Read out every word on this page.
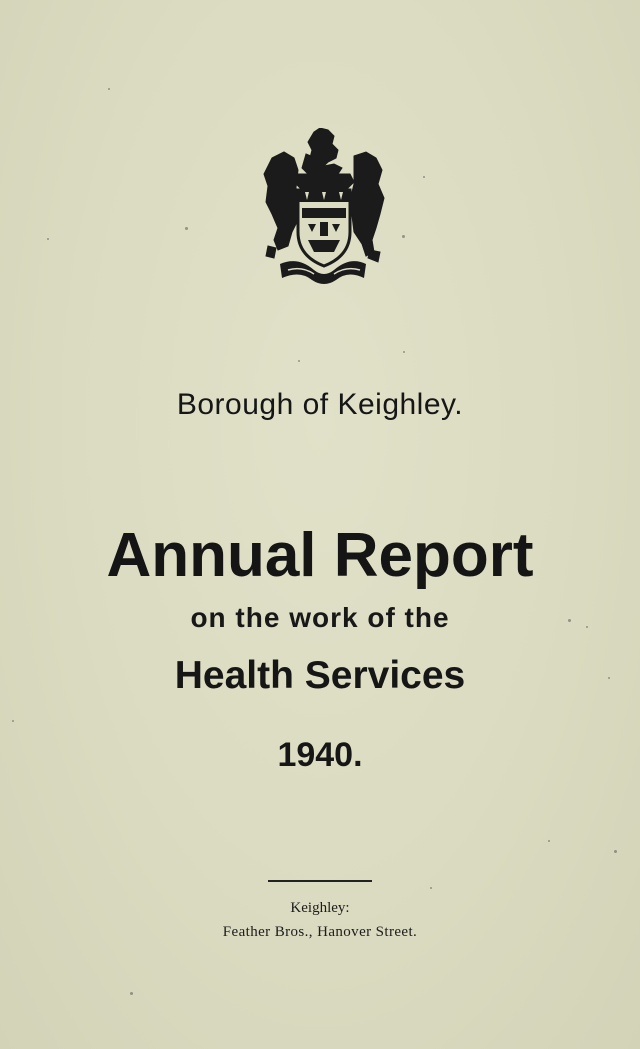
Borough of Keighley.
Annual Report
on the work of the
Health Services
1940.
Keighley:
Feather Bros., Hanover Street.
